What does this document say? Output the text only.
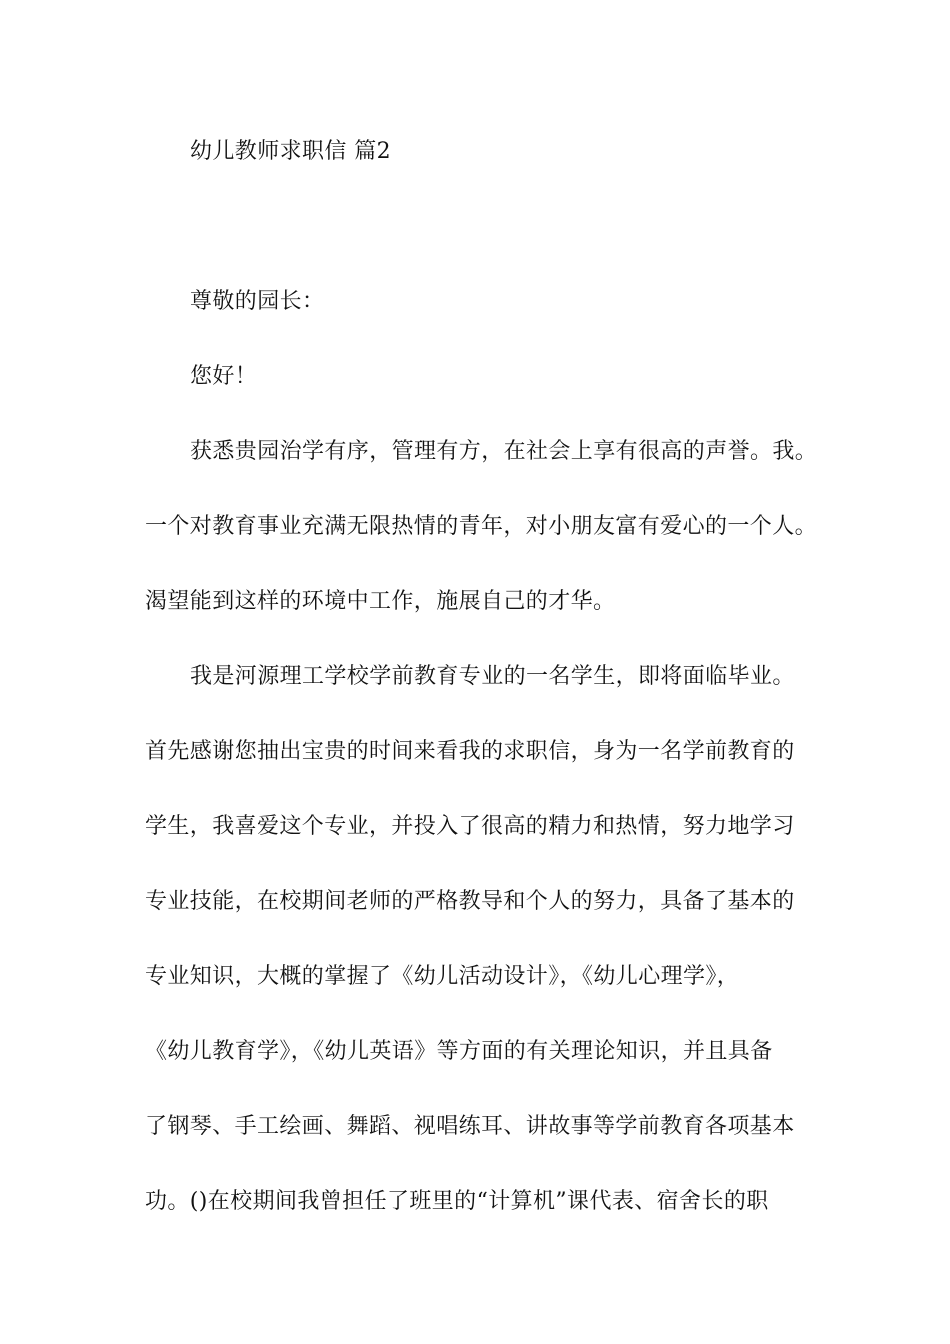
幼儿教师求职信 篇2
尊敬的园长：
您好！
获悉贵园治学有序，管理有方，在社会上享有很高的声誉。我。
一个对教育事业充满无限热情的青年，对小朋友富有爱心的一个人。
渴望能到这样的环境中工作，施展自己的才华。
我是河源理工学校学前教育专业的一名学生，即将面临毕业。
首先感谢您抽出宝贵的时间来看我的求职信，身为一名学前教育的
学生，我喜爱这个专业，并投入了很高的精力和热情，努力地学习
专业技能，在校期间老师的严格教导和个人的努力，具备了基本的
专业知识，大概的掌握了《幼儿活动设计》，《幼儿心理学》，
《幼儿教育学》，《幼儿英语》等方面的有关理论知识，并且具备
了钢琴、手工绘画、舞蹈、视唱练耳、讲故事等学前教育各项基本
功。()在校期间我曾担任了班里的“计算机”课代表、宿舍长的职
